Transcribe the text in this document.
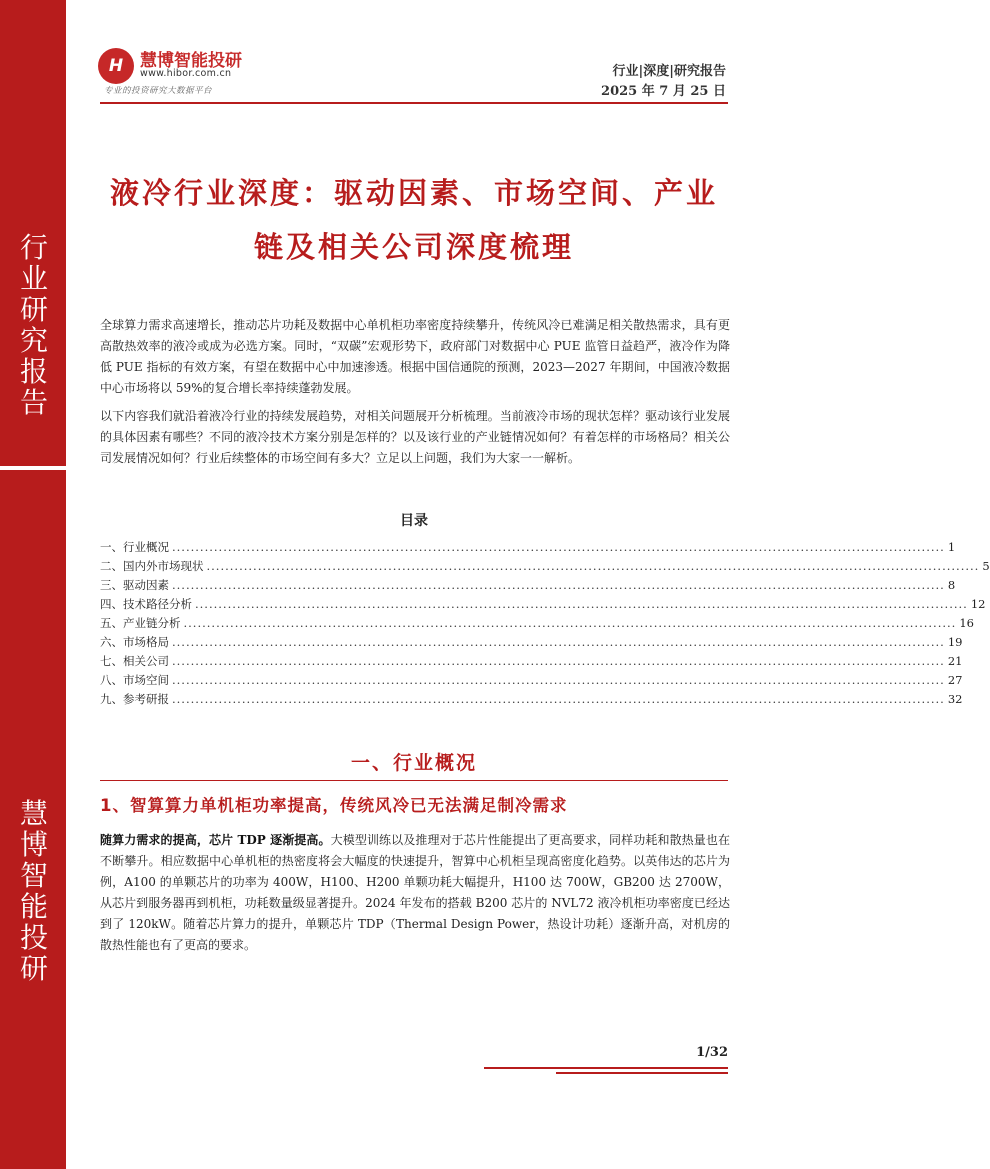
行业研究报告
慧博智能投研
H 慧博智能投研
www.hibor.com.cn
专业的投资研究大数据平台
行业|深度|研究报告
2025 年 7 月 25 日
液冷行业深度：驱动因素、市场空间、产业链及相关公司深度梳理
全球算力需求高速增长，推动芯片功耗及数据中心单机柜功率密度持续攀升，传统风冷已难满足相关散热需求，具有更高散热效率的液冷或成为必选方案。同时，“双碳”宏观形势下，政府部门对数据中心 PUE 监管日益趋严，液冷作为降低 PUE 指标的有效方案，有望在数据中心中加速渗透。根据中国信通院的预测，2023—2027 年期间，中国液冷数据中心市场将以 59%的复合增长率持续蓬勃发展。
以下内容我们就沿着液冷行业的持续发展趋势，对相关问题展开分析梳理。当前液冷市场的现状怎样？驱动该行业发展的具体因素有哪些？不同的液冷技术方案分别是怎样的？以及该行业的产业链情况如何？有着怎样的市场格局？相关公司发展情况如何？行业后续整体的市场空间有多大？立足以上问题，我们为大家一一解析。
目录
一、行业概况 ...................................................................................................................................................................... 1
二、国内外市场现状 ...................................................................................................................................................................... 5
三、驱动因素 ...................................................................................................................................................................... 8
四、技术路径分析 ...................................................................................................................................................................... 12
五、产业链分析 ...................................................................................................................................................................... 16
六、市场格局 ...................................................................................................................................................................... 19
七、相关公司 ...................................................................................................................................................................... 21
八、市场空间 ...................................................................................................................................................................... 27
九、参考研报 ...................................................................................................................................................................... 32
一、行业概况
1、智算算力单机柜功率提高，传统风冷已无法满足制冷需求
随算力需求的提高，芯片 TDP 逐渐提高。大模型训练以及推理对于芯片性能提出了更高要求，同样功耗和散热量也在不断攀升。相应数据中心单机柜的热密度将会大幅度的快速提升，智算中心机柜呈现高密度化趋势。以英伟达的芯片为例，A100 的单颗芯片的功率为 400W，H100、H200 单颗功耗大幅提升，H100 达 700W，GB200 达 2700W，从芯片到服务器再到机柜，功耗数量级显著提升。2024 年发布的搭载 B200 芯片的 NVL72 液冷机柜功率密度已经达到了 120kW。随着芯片算力的提升，单颗芯片 TDP（Thermal Design Power，热设计功耗）逐渐升高，对机房的散热性能也有了更高的要求。
1/32
